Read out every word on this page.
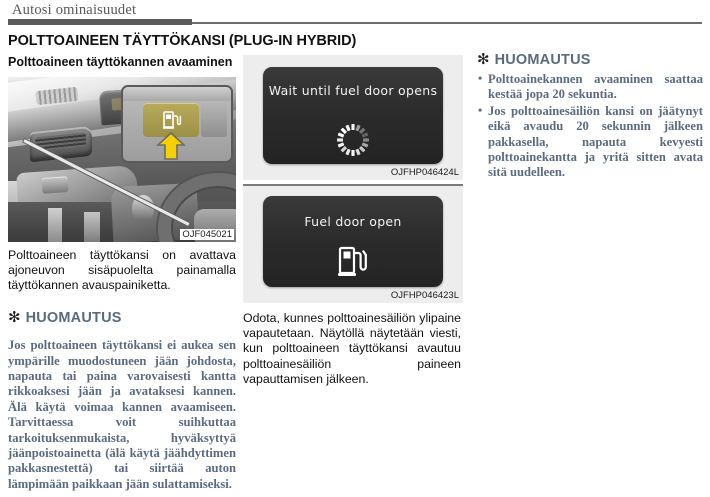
Autosi ominaisuudet
POLTTOAINEEN TÄYTTÖKANSI (PLUG-IN HYBRID)
Polttoaineen täyttökannen avaaminen
OJF045021

Polttoaineen täyttökansi on avattava ajoneuvon sisäpuolelta painamalla täyttökannen avauspainiketta.

✻ HUOMAUTUS

Jos polttoaineen täyttökansi ei aukea sen ympärille muodostuneen jään johdosta, napauta tai paina varovaisesti kantta rikkoaksesi jään ja avataksesi kannen. Älä käytä voimaa kannen avaamiseen. Tarvittaessa voit suihkuttaa tarkoituksenmukaista, hyväksyttyä jäänpoistoainetta (älä käytä jäähdyttimen pakkasnestettä) tai siirtää auton lämpimään paikkaan jään sulattamiseksi.

Wait until fuel door opens
OJFHP046424L
Fuel door open
OJFHP046423L

Odota, kunnes polttoainesäiliön ylipaine vapautetaan. Näytöllä näytetään viesti, kun polttoaineen täyttökansi avautuu polttoainesäiliön paineen vapauttamisen jälkeen.

✻ HUOMAUTUS
• Polttoainekannen avaaminen saattaa kestää jopa 20 sekuntia.
• Jos polttoainesäiliön kansi on jäätynyt eikä avaudu 20 sekunnin jälkeen pakkasella, napauta kevyesti polttoainekantta ja yritä sitten avata sitä uudelleen.
